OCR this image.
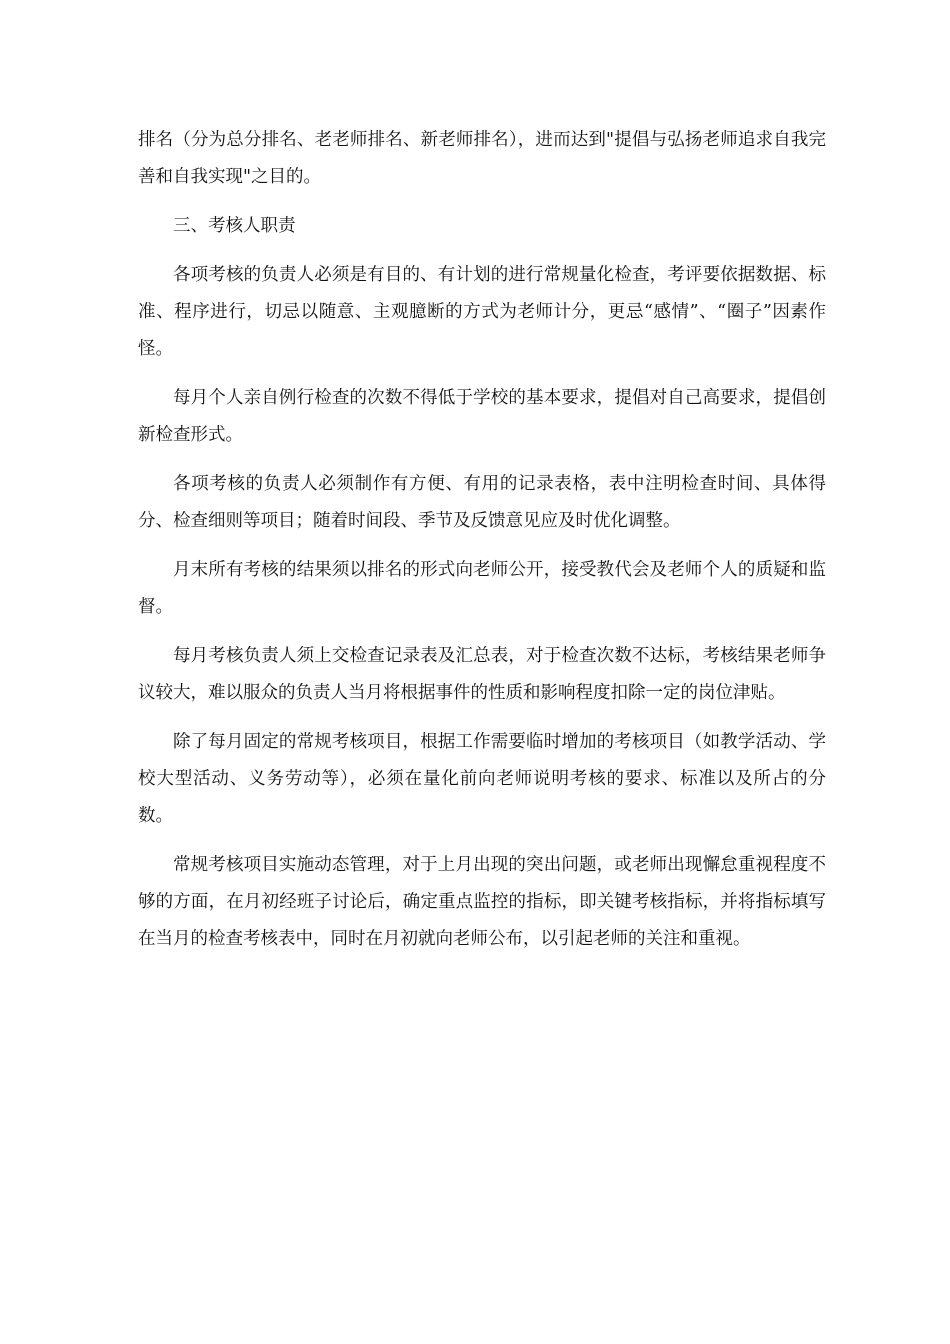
排名（分为总分排名、老老师排名、新老师排名），进而达到"提倡与弘扬老师追求自我完善和自我实现"之目的。

三、考核人职责

各项考核的负责人必须是有目的、有计划的进行常规量化检查，考评要依据数据、标准、程序进行，切忌以随意、主观臆断的方式为老师计分，更忌“感情”、“圈子”因素作怪。

每月个人亲自例行检查的次数不得低于学校的基本要求，提倡对自己高要求，提倡创新检查形式。

各项考核的负责人必须制作有方便、有用的记录表格，表中注明检查时间、具体得分、检查细则等项目；随着时间段、季节及反馈意见应及时优化调整。

月末所有考核的结果须以排名的形式向老师公开，接受教代会及老师个人的质疑和监督。

每月考核负责人须上交检查记录表及汇总表，对于检查次数不达标，考核结果老师争议较大，难以服众的负责人当月将根据事件的性质和影响程度扣除一定的岗位津贴。

除了每月固定的常规考核项目，根据工作需要临时增加的考核项目（如教学活动、学校大型活动、义务劳动等），必须在量化前向老师说明考核的要求、标准以及所占的分数。

常规考核项目实施动态管理，对于上月出现的突出问题，或老师出现懈怠重视程度不够的方面，在月初经班子讨论后，确定重点监控的指标，即关键考核指标，并将指标填写在当月的检查考核表中，同时在月初就向老师公布，以引起老师的关注和重视。
